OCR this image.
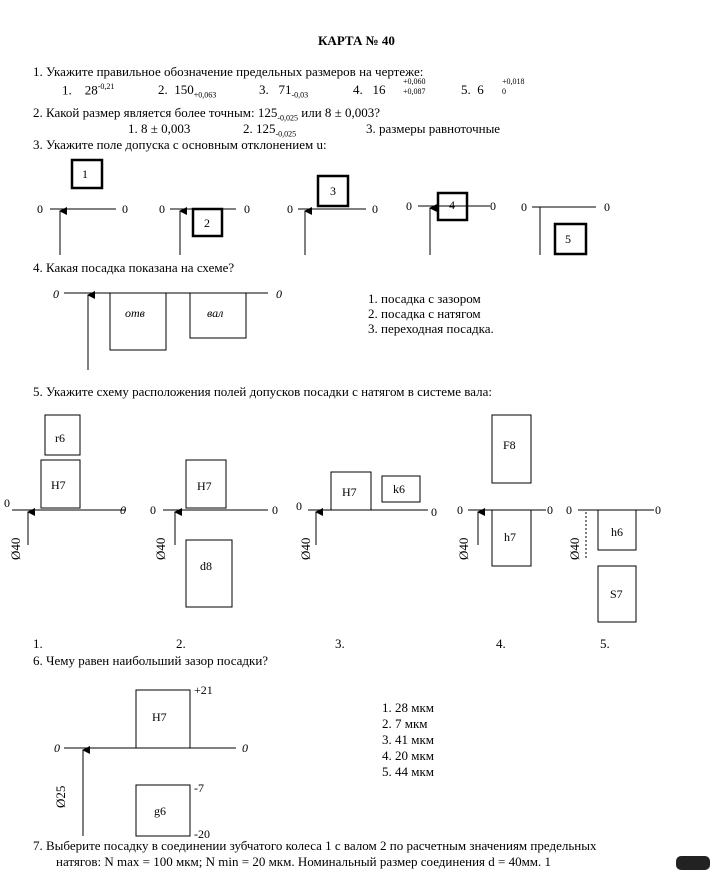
КАРТА № 40
1. Укажите правильное обозначение предельных размеров на чертеже:
1. $28^{-0,21}$	2. $150_{+0,063}$	3. $71_{-0,03}$	4. 16
+0,060
+0,087	5. 6
+0,018
0
2. Какой размер является более точным: $125_{-0,025}$ или 8 ± 0,003?
1. 8 ± 0,003	2. $125_{-0,025}$	3. размеры равноточные
3. Укажите поле допуска с основным отклонением u:
4. Какая посадка показана на схеме?
1. посадка с зазором
2. посадка с натягом
3. переходная посадка.
5. Укажите схему расположения полей допусков посадки с натягом в системе вала:
1.	2.	3.	4.	5.
Ø40	Ø40	Ø40	Ø40	Ø40
6. Чему равен наибольший зазор посадки?
1. 28 мкм
2. 7 мкм
3. 41 мкм
4. 20 мкм
5. 44 мкм
Ø25
7. Выберите посадку в соединении зубчатого колеса 1 с валом 2 по расчетным значениям предельных
натягов: N max = 100 мкм; N min = 20 мкм. Номинальный размер соединения d = 40мм. 1
0	0
1
0	0
2
0	0
3
0	0
4	0	0
5
0	0
отв	вал
0	0
r6
H7
0	0
H7
d8
0	0
H7	k6
0	0
F8
h7
0	0
h6
S7
0	0
H7
g6
+21
-7
-20
